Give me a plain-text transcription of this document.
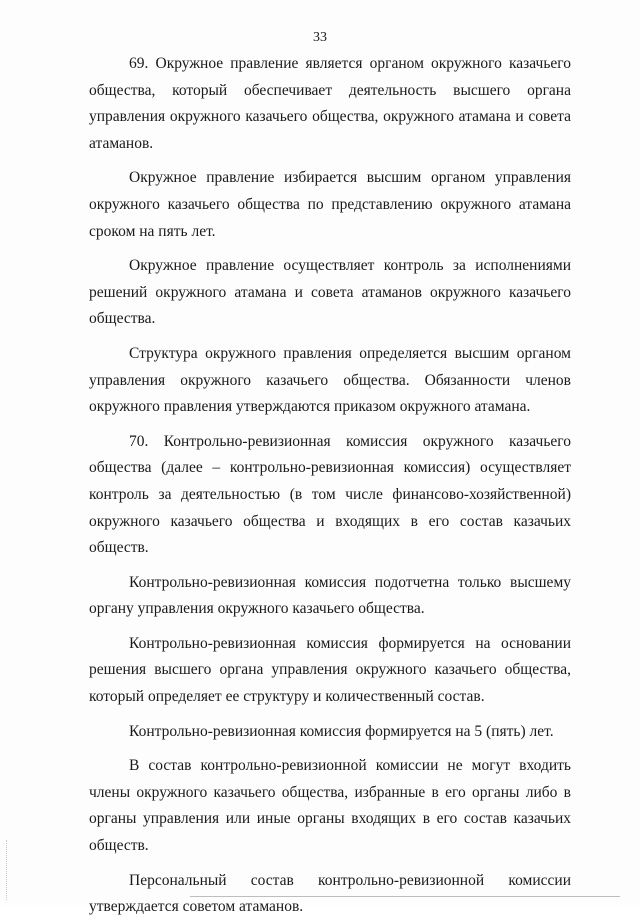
33

69. Окружное правление является органом окружного казачьего общества, который обеспечивает деятельность высшего органа управления окружного казачьего общества, окружного атамана и совета атаманов.

Окружное правление избирается высшим органом управления окружного казачьего общества по представлению окружного атамана сроком на пять лет.

Окружное правление осуществляет контроль за исполнениями решений окружного атамана и совета атаманов окружного казачьего общества.

Структура окружного правления определяется высшим органом управления окружного казачьего общества. Обязанности членов окружного правления утверждаются приказом окружного атамана.

70. Контрольно-ревизионная комиссия окружного казачьего общества (далее – контрольно-ревизионная комиссия) осуществляет контроль за деятельностью (в том числе финансово-хозяйственной) окружного казачьего общества и входящих в его состав казачьих обществ.

Контрольно-ревизионная комиссия подотчетна только высшему органу управления окружного казачьего общества.

Контрольно-ревизионная комиссия формируется на основании решения высшего органа управления окружного казачьего общества, который определяет ее структуру и количественный состав.

Контрольно-ревизионная комиссия формируется на 5 (пять) лет.

В состав контрольно-ревизионной комиссии не могут входить члены окружного казачьего общества, избранные в его органы либо в органы управления или иные органы входящих в его состав казачьих обществ.

Персональный состав контрольно-ревизионной комиссии утверждается советом атаманов.
